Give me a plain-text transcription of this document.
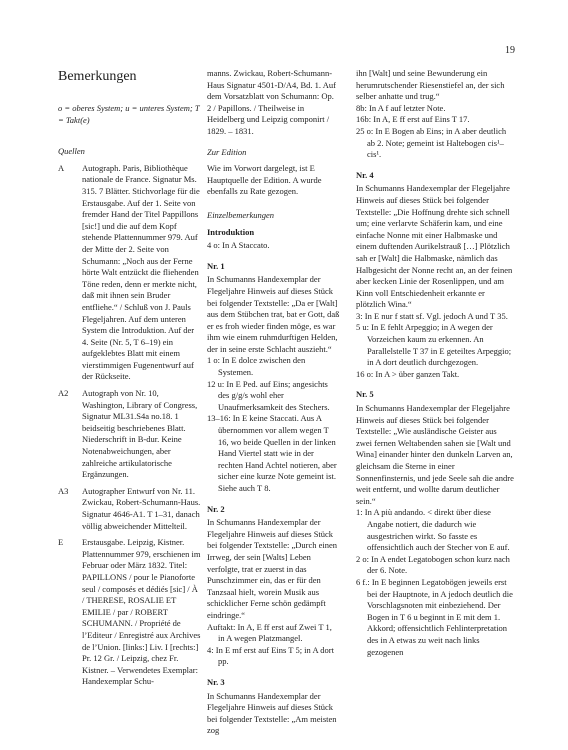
19
Bemerkungen

o = oberes System; u = unteres System; T = Takt(e)

Quellen

A	Autograph. Paris, Bibliothèque nationale de France. Signatur Ms. 315. 7 Blätter. Stichvorlage für die Erstausgabe. Auf der 1. Seite von fremder Hand der Titel Pappillons [sic!] und die auf dem Kopf stehende Plattennummer 979. Auf der Mitte der 2. Seite von Schumann: „Noch aus der Ferne hörte Walt entzückt die fliehenden Töne reden, denn er merkte nicht, daß mit ihnen sein Bruder entfliehe.“ / Schluß von J. Pauls Flegeljahren. Auf dem unteren System die Introduktion. Auf der 4. Seite (Nr. 5, T 6–19) ein aufgeklebtes Blatt mit einem vierstimmigen Fugenentwurf auf der Rückseite.
A2	Autograph von Nr. 10, Washington, Library of Congress, Signatur ML31.S4a no.18. 1 beidseitig beschriebenes Blatt. Niederschrift in B-dur. Keine Notenabweichungen, aber zahlreiche artikulatorische Ergänzungen.
A3	Autographer Entwurf von Nr. 11. Zwickau, Robert-Schumann-Haus. Signatur 4646-A1. T 1–31, danach völlig abweichender Mittelteil.
E	Erstausgabe. Leipzig, Kistner. Plattennummer 979, erschienen im Februar oder März 1832. Titel: PAPILLONS / pour le Pianoforte seul / composés et dédiés [sic] / À / THERESE, ROSALIE ET EMILIE / par / ROBERT SCHUMANN. / Propriété de l’Editeur / Enregistré aux Archives de l’Union. [links:] Liv. I [rechts:] Pr. 12 Gr. / Leipzig, chez Fr. Kistner. – Verwendetes Exemplar: Handexemplar Schu-

manns. Zwickau, Robert-Schumann-Haus Signatur 4501-D/A4, Bd. 1. Auf dem Vorsatzblatt von Schumann: Op. 2 / Papillons. / Theilweise in Heidelberg und Leipzig componirt / 1829. – 1831.

Zur Edition

Wie im Vorwort dargelegt, ist E Hauptquelle der Edition. A wurde ebenfalls zu Rate gezogen.

Einzelbemerkungen

Introduktion

4 o: In A Staccato.

Nr. 1

In Schumanns Handexemplar der Flegeljahre Hinweis auf dieses Stück bei folgender Textstelle: „Da er [Walt] aus dem Stübchen trat, bat er Gott, daß er es froh wieder finden möge, es war ihm wie einem ruhmdurftigen Helden, der in seine erste Schlacht auszieht.“

1 o: In E dolce zwischen den Systemen.

12 u: In E Ped. auf Eins; angesichts des g/g/s wohl eher Unaufmerksamkeit des Stechers.

13–16: In E keine Staccati. Aus A übernommen vor allem wegen T 16, wo beide Quellen in der linken Hand Viertel statt wie in der rechten Hand Achtel notieren, aber sicher eine kurze Note gemeint ist. Siehe auch T 8.

Nr. 2

In Schumanns Handexemplar der Flegeljahre Hinweis auf dieses Stück bei folgender Textstelle: „Durch einen Irrweg, der sein [Walts] Leben verfolgte, trat er zuerst in das Punschzimmer ein, das er für den Tanzsaal hielt, worein Musik aus schicklicher Ferne schön gedämpft eindringe.“

Auftakt: In A, E ff erst auf Zwei T 1, in A wegen Platzmangel.

4: In E mf erst auf Eins T 5; in A dort pp.

Nr. 3

In Schumanns Handexemplar der Flegeljahre Hinweis auf dieses Stück bei folgender Textstelle: „Am meisten zog

ihn [Walt] und seine Bewunderung ein herumrutschender Riesenstiefel an, der sich selber anhatte und trug.“

8b: In A f auf letzter Note.

16b: In A, E ff erst auf Eins T 17.

25 o: In E Bogen ab Eins; in A aber deutlich ab 2. Note; gemeint ist Haltebogen cis¹–cis¹.

Nr. 4

In Schumanns Handexemplar der Flegeljahre Hinweis auf dieses Stück bei folgender Textstelle: „Die Hoffnung drehte sich schnell um; eine verlarvte Schäferin kam, und eine einfache Nonne mit einer Halbmaske und einem duftenden Aurikelstrauß […] Plötzlich sah er [Walt] die Halbmaske, nämlich das Halbgesicht der Nonne recht an, an der feinen aber kecken Linie der Rosenlippen, und am Kinn voll Entschiedenheit erkannte er plötzlich Wina.“

3: In E nur f statt sf. Vgl. jedoch A und T 35.

5 u: In E fehlt Arpeggio; in A wegen der Vorzeichen kaum zu erkennen. An Parallelstelle T 37 in E geteiltes Arpeggio; in A dort deutlich durchgezogen.

16 o: In A > über ganzen Takt.

Nr. 5

In Schumanns Handexemplar der Flegeljahre Hinweis auf dieses Stück bei folgender Textstelle: „Wie ausländische Geister aus zwei fernen Weltabenden sahen sie [Walt und Wina] einander hinter den dunkeln Larven an, gleichsam die Sterne in einer Sonnenfinsternis, und jede Seele sah die andre weit entfernt, und wollte darum deutlicher sein.“

1: In A più andando. < direkt über diese Angabe notiert, die dadurch wie ausgestrichen wirkt. So fasste es offensichtlich auch der Stecher von E auf.

2 o: In A endet Legatobogen schon kurz nach der 6. Note.

6 f.: In E beginnen Legatobögen jeweils erst bei der Hauptnote, in A jedoch deutlich die Vorschlagsnoten mit einbeziehend. Der Bogen in T 6 u beginnt in E mit dem 1. Akkord; offensichtlich Fehlinterpretation des in A etwas zu weit nach links gezogenen
